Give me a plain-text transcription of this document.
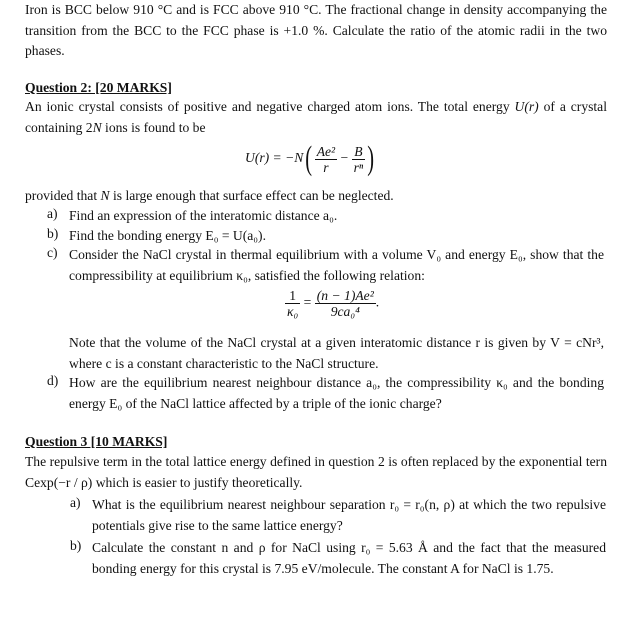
Iron is BCC below 910 °C and is FCC above 910 °C. The fractional change in density accompanying the transition from the BCC to the FCC phase is +1.0 %. Calculate the ratio of the atomic radii in the two phases.
Question 2: [20 MARKS]
An ionic crystal consists of positive and negative charged atom ions. The total energy U(r) of a crystal containing 2N ions is found to be
$U(r) = -N( \frac{\text{Ae²}}{r} - \frac{B}{\text{rⁿ}}$ )
provided that N is large enough that surface effect can be neglected.
a) Find an expression of the interatomic distance a₀.
b) Find the bonding energy E₀ = U(a₀).
c) Consider the NaCl crystal in thermal equilibrium with a volume V₀ and energy E₀, show that the compressibility at equilibrium κ₀, satisfied the following relation:
$\frac{1}{\text{κ₀}} = \frac{\text{(n − 1)Ae²}}{\text{9ca₀⁴}}$ .
Note that the volume of the NaCl crystal at a given interatomic distance r is given by V = cNr³, where c is a constant characteristic to the NaCl structure.
d) How are the equilibrium nearest neighbour distance a₀, the compressibility κ₀ and the bonding energy E₀ of the NaCl lattice affected by a triple of the ionic charge?
Question 3 [10 MARKS]
The repulsive term in the total lattice energy defined in question 2 is often replaced by the exponential tern Cexp(−r / ρ) which is easier to justify theoretically.
a) What is the equilibrium nearest neighbour separation r₀ = r₀(n, ρ) at which the two repulsive potentials give rise to the same lattice energy?
b) Calculate the constant n and ρ for NaCl using r₀ = 5.63 Å and the fact that the measured bonding energy for this crystal is 7.95 eV/molecule. The constant A for NaCl is 1.75.
